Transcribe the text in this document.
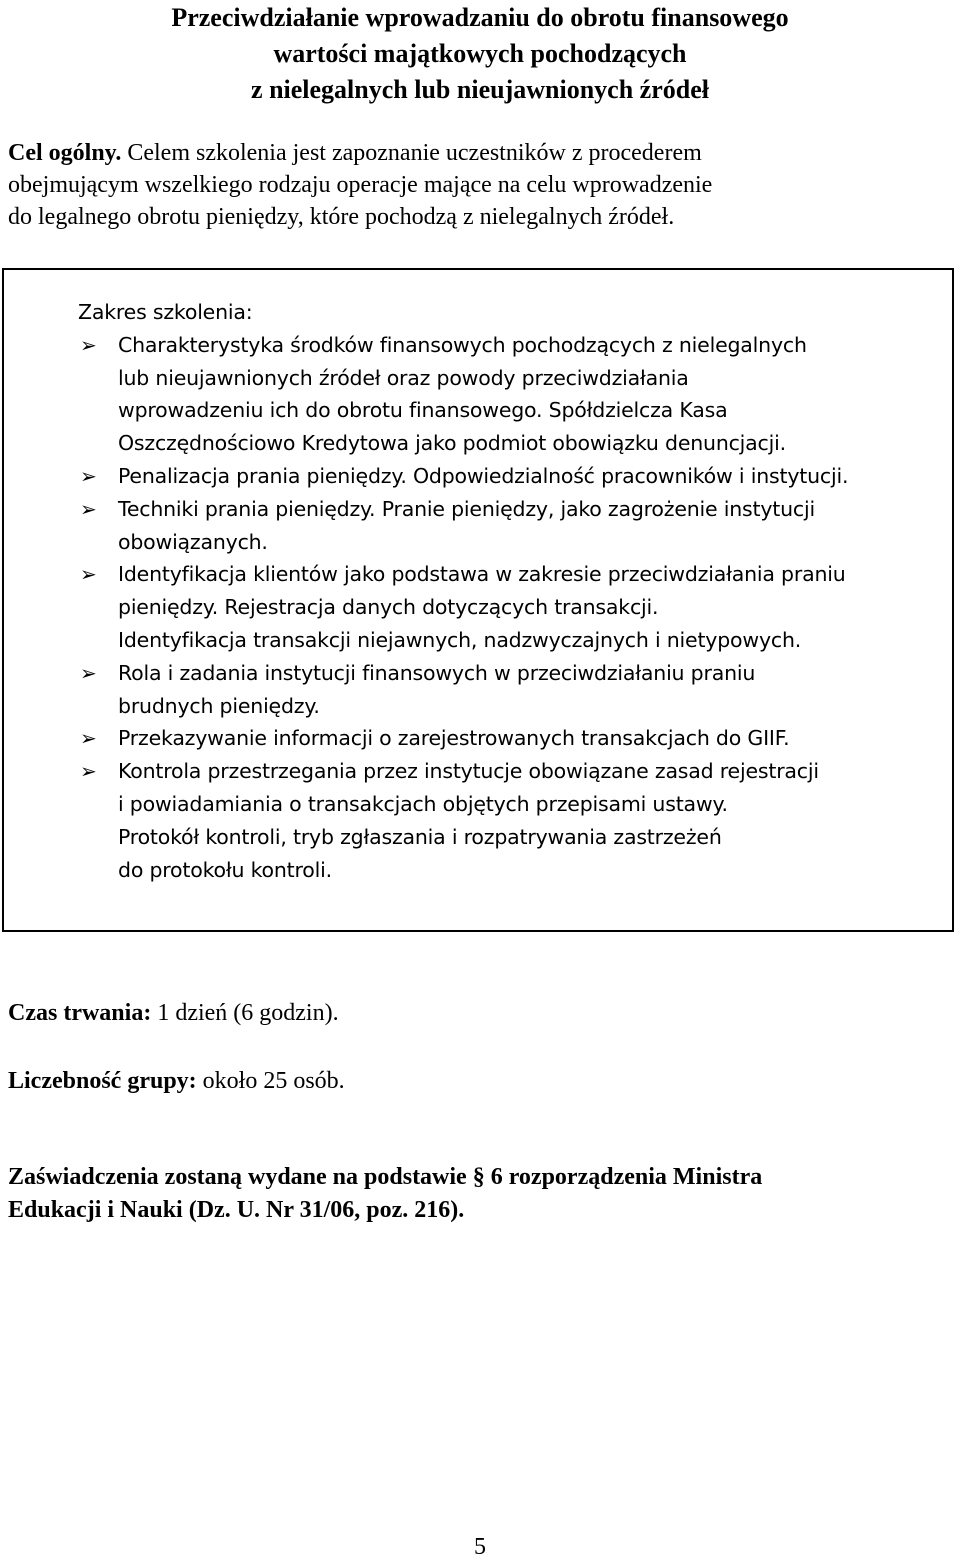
Przeciwdziałanie wprowadzaniu do obrotu finansowego
wartości majątkowych pochodzących
z nielegalnych lub nieujawnionych źródeł
Cel ogólny. Celem szkolenia jest zapoznanie uczestników z procederem
obejmującym wszelkiego rodzaju operacje mające na celu wprowadzenie
do legalnego obrotu pieniędzy, które pochodzą z nielegalnych źródeł.
Zakres szkolenia:
➢ Charakterystyka środków finansowych pochodzących z nielegalnych
lub nieujawnionych źródeł oraz powody przeciwdziałania
wprowadzeniu ich do obrotu finansowego. Spółdzielcza Kasa
Oszczędnościowo Kredytowa jako podmiot obowiązku denuncjacji.
➢ Penalizacja prania pieniędzy. Odpowiedzialność pracowników i instytucji.
➢ Techniki prania pieniędzy. Pranie pieniędzy, jako zagrożenie instytucji
obowiązanych.
➢ Identyfikacja klientów jako podstawa w zakresie przeciwdziałania praniu
pieniędzy. Rejestracja danych dotyczących transakcji.
Identyfikacja transakcji niejawnych, nadzwyczajnych i nietypowych.
➢ Rola i zadania instytucji finansowych w przeciwdziałaniu praniu
brudnych pieniędzy.
➢ Przekazywanie informacji o zarejestrowanych transakcjach do GIIF.
➢ Kontrola przestrzegania przez instytucje obowiązane zasad rejestracji
i powiadamiania o transakcjach objętych przepisami ustawy.
Protokół kontroli, tryb zgłaszania i rozpatrywania zastrzeżeń
do protokołu kontroli.
Czas trwania: 1 dzień (6 godzin).
Liczebność grupy: około 25 osób.
Zaświadczenia zostaną wydane na podstawie § 6 rozporządzenia Ministra
Edukacji i Nauki (Dz. U. Nr 31/06, poz. 216).
5
